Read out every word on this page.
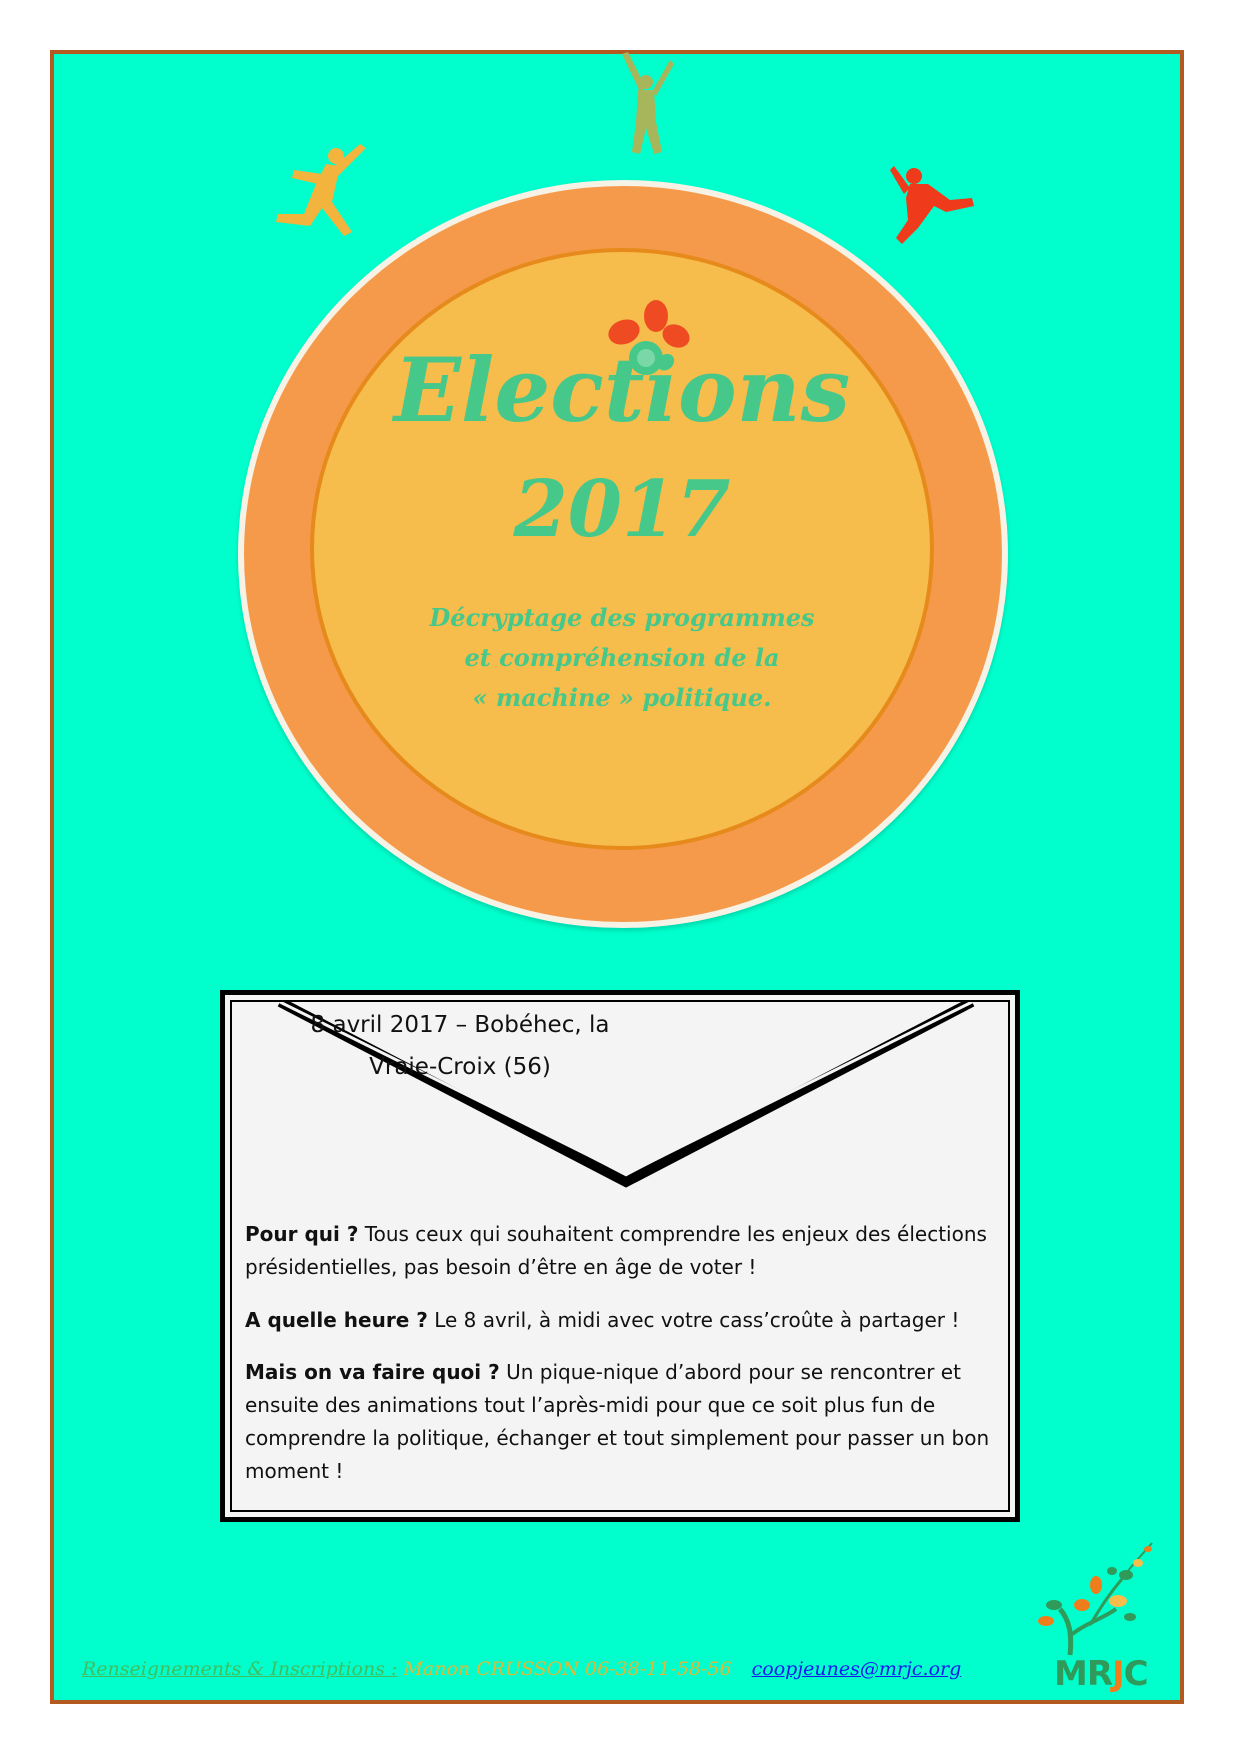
Elections
2017
Décryptage des programmes
et compréhension de la
« machine » politique.
8 avril 2017 – Bobéhec, la
Vraie-Croix (56)
Pour qui ? Tous ceux qui souhaitent comprendre les enjeux des élections présidentielles, pas besoin d’être en âge de voter !
A quelle heure ? Le 8 avril, à midi avec votre cass’croûte à partager !
Mais on va faire quoi ? Un pique-nique d’abord pour se rencontrer et ensuite des animations tout l’après-midi pour que ce soit plus fun de comprendre la politique, échanger et tout simplement pour passer un bon moment !
Renseignements & Inscriptions : Manon CRUSSON 06-38-11-58-56 coopjeunes@mrjc.org	MRJC
